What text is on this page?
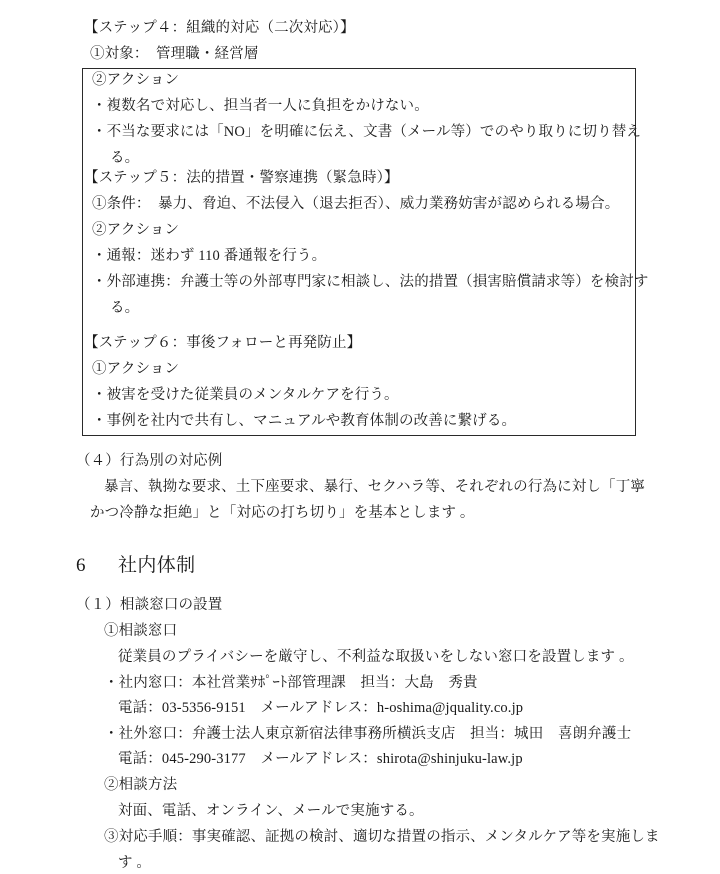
【ステップ４：組織的対応（二次対応）】
①対象：　管理職・経営層
②アクション
・複数名で対応し、担当者一人に負担をかけない。
・不当な要求には「NO」を明確に伝え、文書（メール等）でのやり取りに切り替え
る。
【ステップ５：法的措置・警察連携（緊急時）】
①条件：　暴力、脅迫、不法侵入（退去拒否）、威力業務妨害が認められる場合。
②アクション
・通報：迷わず 110 番通報を行う。
・外部連携：弁護士等の外部専門家に相談し、法的措置（損害賠償請求等）を検討す
る。
【ステップ６：事後フォローと再発防止】
①アクション
・被害を受けた従業員のメンタルケアを行う。
・事例を社内で共有し、マニュアルや教育体制の改善に繋げる。
（４）行為別の対応例
暴言、執拗な要求、土下座要求、暴行、セクハラ等、それぞれの行為に対し「丁寧
かつ冷静な拒絶」と「対応の打ち切り」を基本とします 。
6 社内体制
（１）相談窓口の設置
①相談窓口
従業員のプライバシーを厳守し、不利益な取扱いをしない窓口を設置します 。
・社内窓口：本社営業ｻﾎﾟｰﾄ部管理課　担当：大島　秀貴
電話：03-5356-9151　メールアドレス：h-oshima@jquality.co.jp
・社外窓口：弁護士法人東京新宿法律事務所横浜支店　担当：城田　喜朗弁護士
電話：045-290-3177　メールアドレス：shirota@shinjuku-law.jp
②相談方法
対面、電話、オンライン、メールで実施する。
③対応手順：事実確認、証拠の検討、適切な措置の指示、メンタルケア等を実施しま
す 。
